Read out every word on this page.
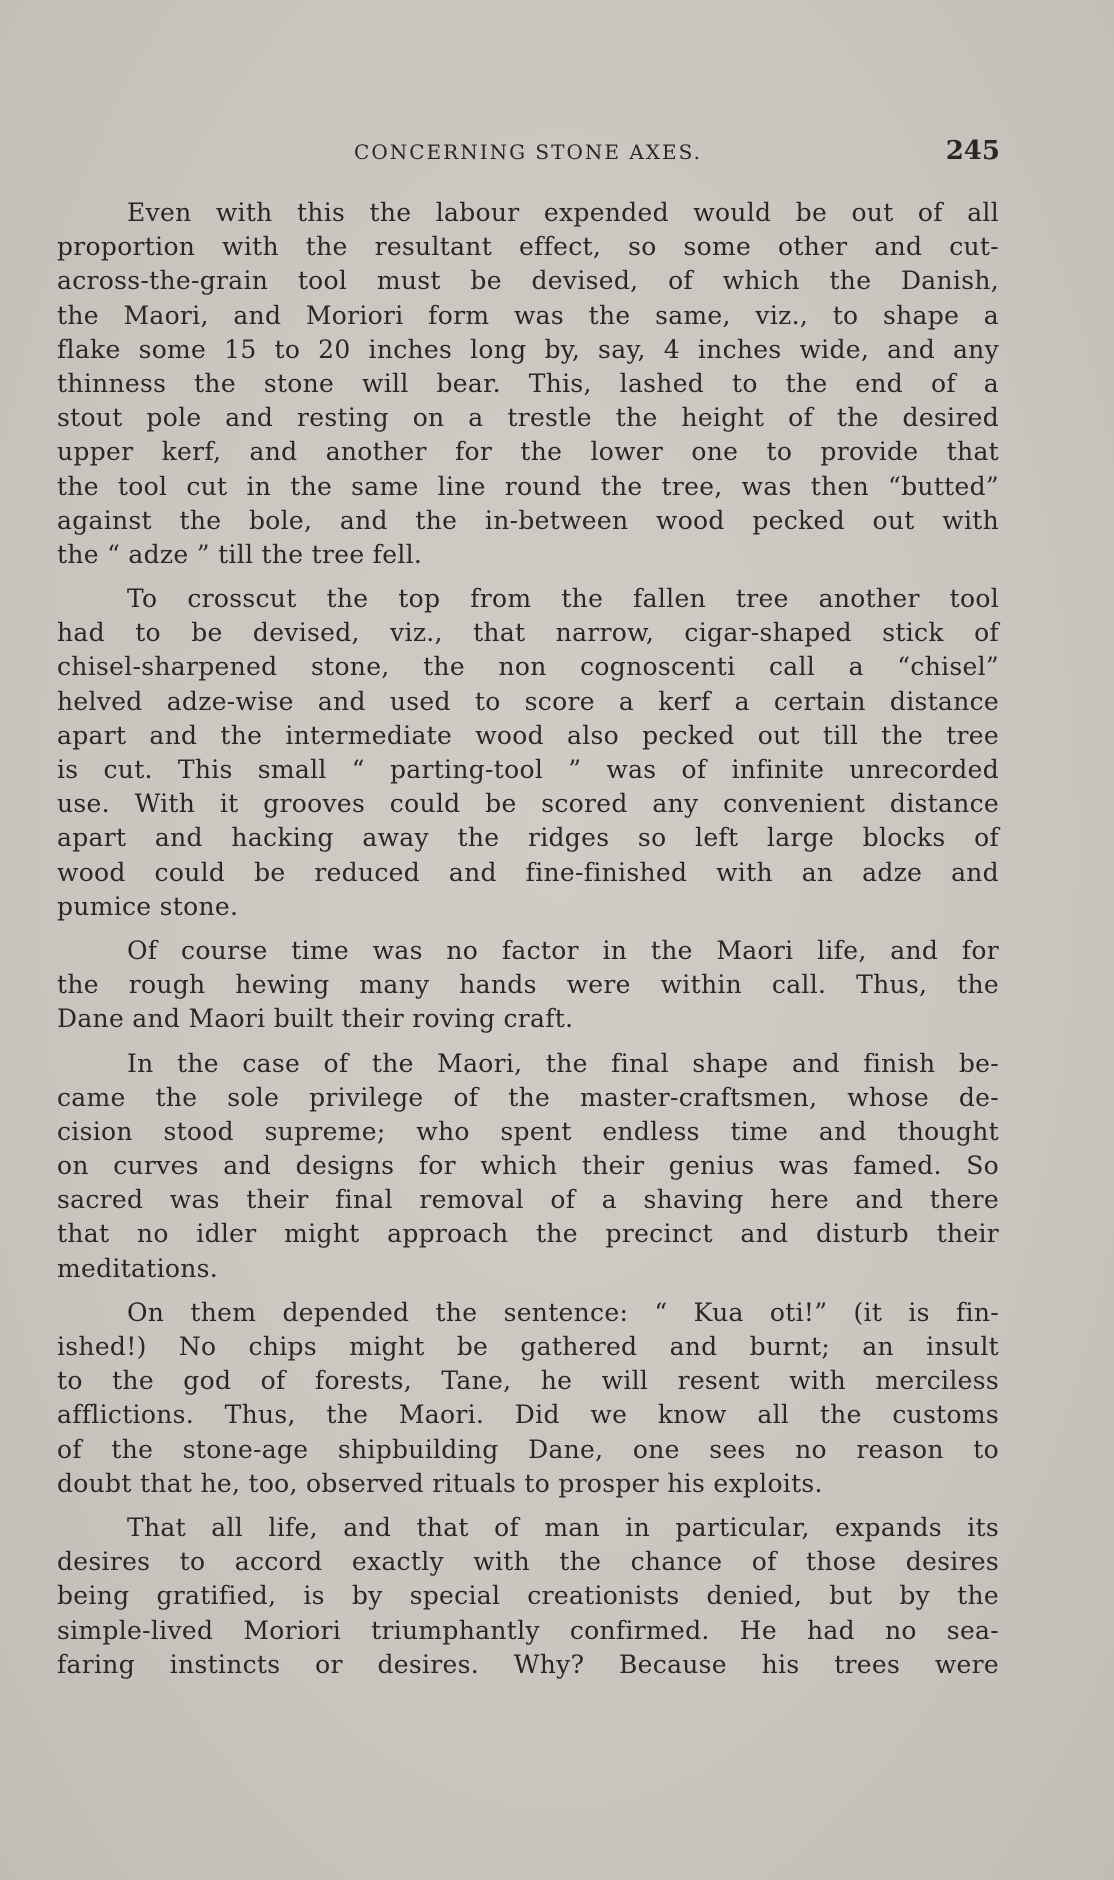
CONCERNING STONE AXES.	245
Even with this the labour expended would be out of all
proportion with the resultant effect, so some other and cut-
across-the-grain tool must be devised, of which the Danish,
the Maori, and Moriori form was the same, viz., to shape a
flake some 15 to 20 inches long by, say, 4 inches wide, and any
thinness the stone will bear. This, lashed to the end of a
stout pole and resting on a trestle the height of the desired
upper kerf, and another for the lower one to provide that
the tool cut in the same line round the tree, was then “butted”
against the bole, and the in-between wood pecked out with
the “ adze ” till the tree fell.
To crosscut the top from the fallen tree another tool
had to be devised, viz., that narrow, cigar-shaped stick of
chisel-sharpened stone, the non cognoscenti call a “chisel”
helved adze-wise and used to score a kerf a certain distance
apart and the intermediate wood also pecked out till the tree
is cut. This small “ parting-tool ” was of infinite unrecorded
use. With it grooves could be scored any convenient distance
apart and hacking away the ridges so left large blocks of
wood could be reduced and fine-finished with an adze and
pumice stone.
Of course time was no factor in the Maori life, and for
the rough hewing many hands were within call. Thus, the
Dane and Maori built their roving craft.
In the case of the Maori, the final shape and finish be-
came the sole privilege of the master-craftsmen, whose de-
cision stood supreme; who spent endless time and thought
on curves and designs for which their genius was famed. So
sacred was their final removal of a shaving here and there
that no idler might approach the precinct and disturb their
meditations.
On them depended the sentence: “ Kua oti!” (it is fin-
ished!) No chips might be gathered and burnt; an insult
to the god of forests, Tane, he will resent with merciless
afflictions. Thus, the Maori. Did we know all the customs
of the stone-age shipbuilding Dane, one sees no reason to
doubt that he, too, observed rituals to prosper his exploits.
That all life, and that of man in particular, expands its
desires to accord exactly with the chance of those desires
being gratified, is by special creationists denied, but by the
simple-lived Moriori triumphantly confirmed. He had no sea-
faring instincts or desires. Why? Because his trees were
